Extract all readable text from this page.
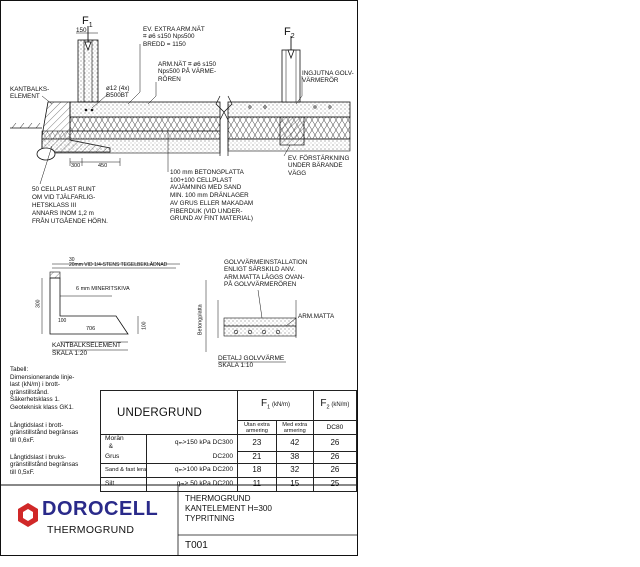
$F_1$
$F_2$
150	EV. EXTRA ARM.NÄT
⌗ ø6 s150 Nps500
BREDD = 1150
ARM.NÄT ⌗ ø6 s150
Nps500 PÅ VÄRME-
RÖREN
INGJUTNA GOLV-
VÄRMERÖR
KANTBALKS-
ELEMENT
ø12 (4x)
B500BT
300	450
EV. FÖRSTÄRKNING
UNDER BÄRANDE
VÄGG
50 CELLPLAST RUNT
OM VID TJÄLFARLIG-
HETSKLASS III
ANNARS INOM 1,2 m
FRÅN UTGÅENDE HÖRN.
100 mm BETONGPLATTA
100+100 CELLPLAST
AVJÄMNING MED SAND
MIN. 100 mm DRÄNLAGER
AV GRUS ELLER MAKADAM
FIBERDUK (VID UNDER-
GRUND AV FINT MATERIAL)
30
20mm VID 1/4-STENS TEGELBEKLÄDNAD
6 mm MINERITSKIVA
300
100
706	100
KANTBALKSELEMENT
SKALA 1:20
GOLVVÄRMEINSTALLATION
ENLIGT SÄRSKILD ANV.
ARM.MATTA LÄGGS OVAN-
PÅ GOLVVÄRMERÖREN
Betongplatta	ARM.MATTA
DETALJ GOLVVÄRME
SKALA 1:10
Tabell:
Dimensionerande linje-
last (kN/m) i brott-
gränstillstånd.
Säkerhetsklass 1.
Geoteknisk klass GK1.
Långtidslast i brott-
gränstillstånd begränsas
till 0,6xF.
Långtidslast i bruks-
gränstillstånd begränsas
till 0,5xF.
UNDERGRUND		$F_1$ (kN/m)		$F_2$ (kN/m)
		Utan extra
armering	Med extra
armering	DC80
Morän
&	qₘ>150 kPa DC300	23	42	26
Grus	DC200	21	38	26
Sand & fast lera	qₘ>100 kPa DC200	18	32	26
Silt	qₘ> 50 kPa DC200	11	15	25
DOROCELL
THERMOGRUND
THERMOGRUND
KANTELEMENT H=300
TYPRITNING
T001
